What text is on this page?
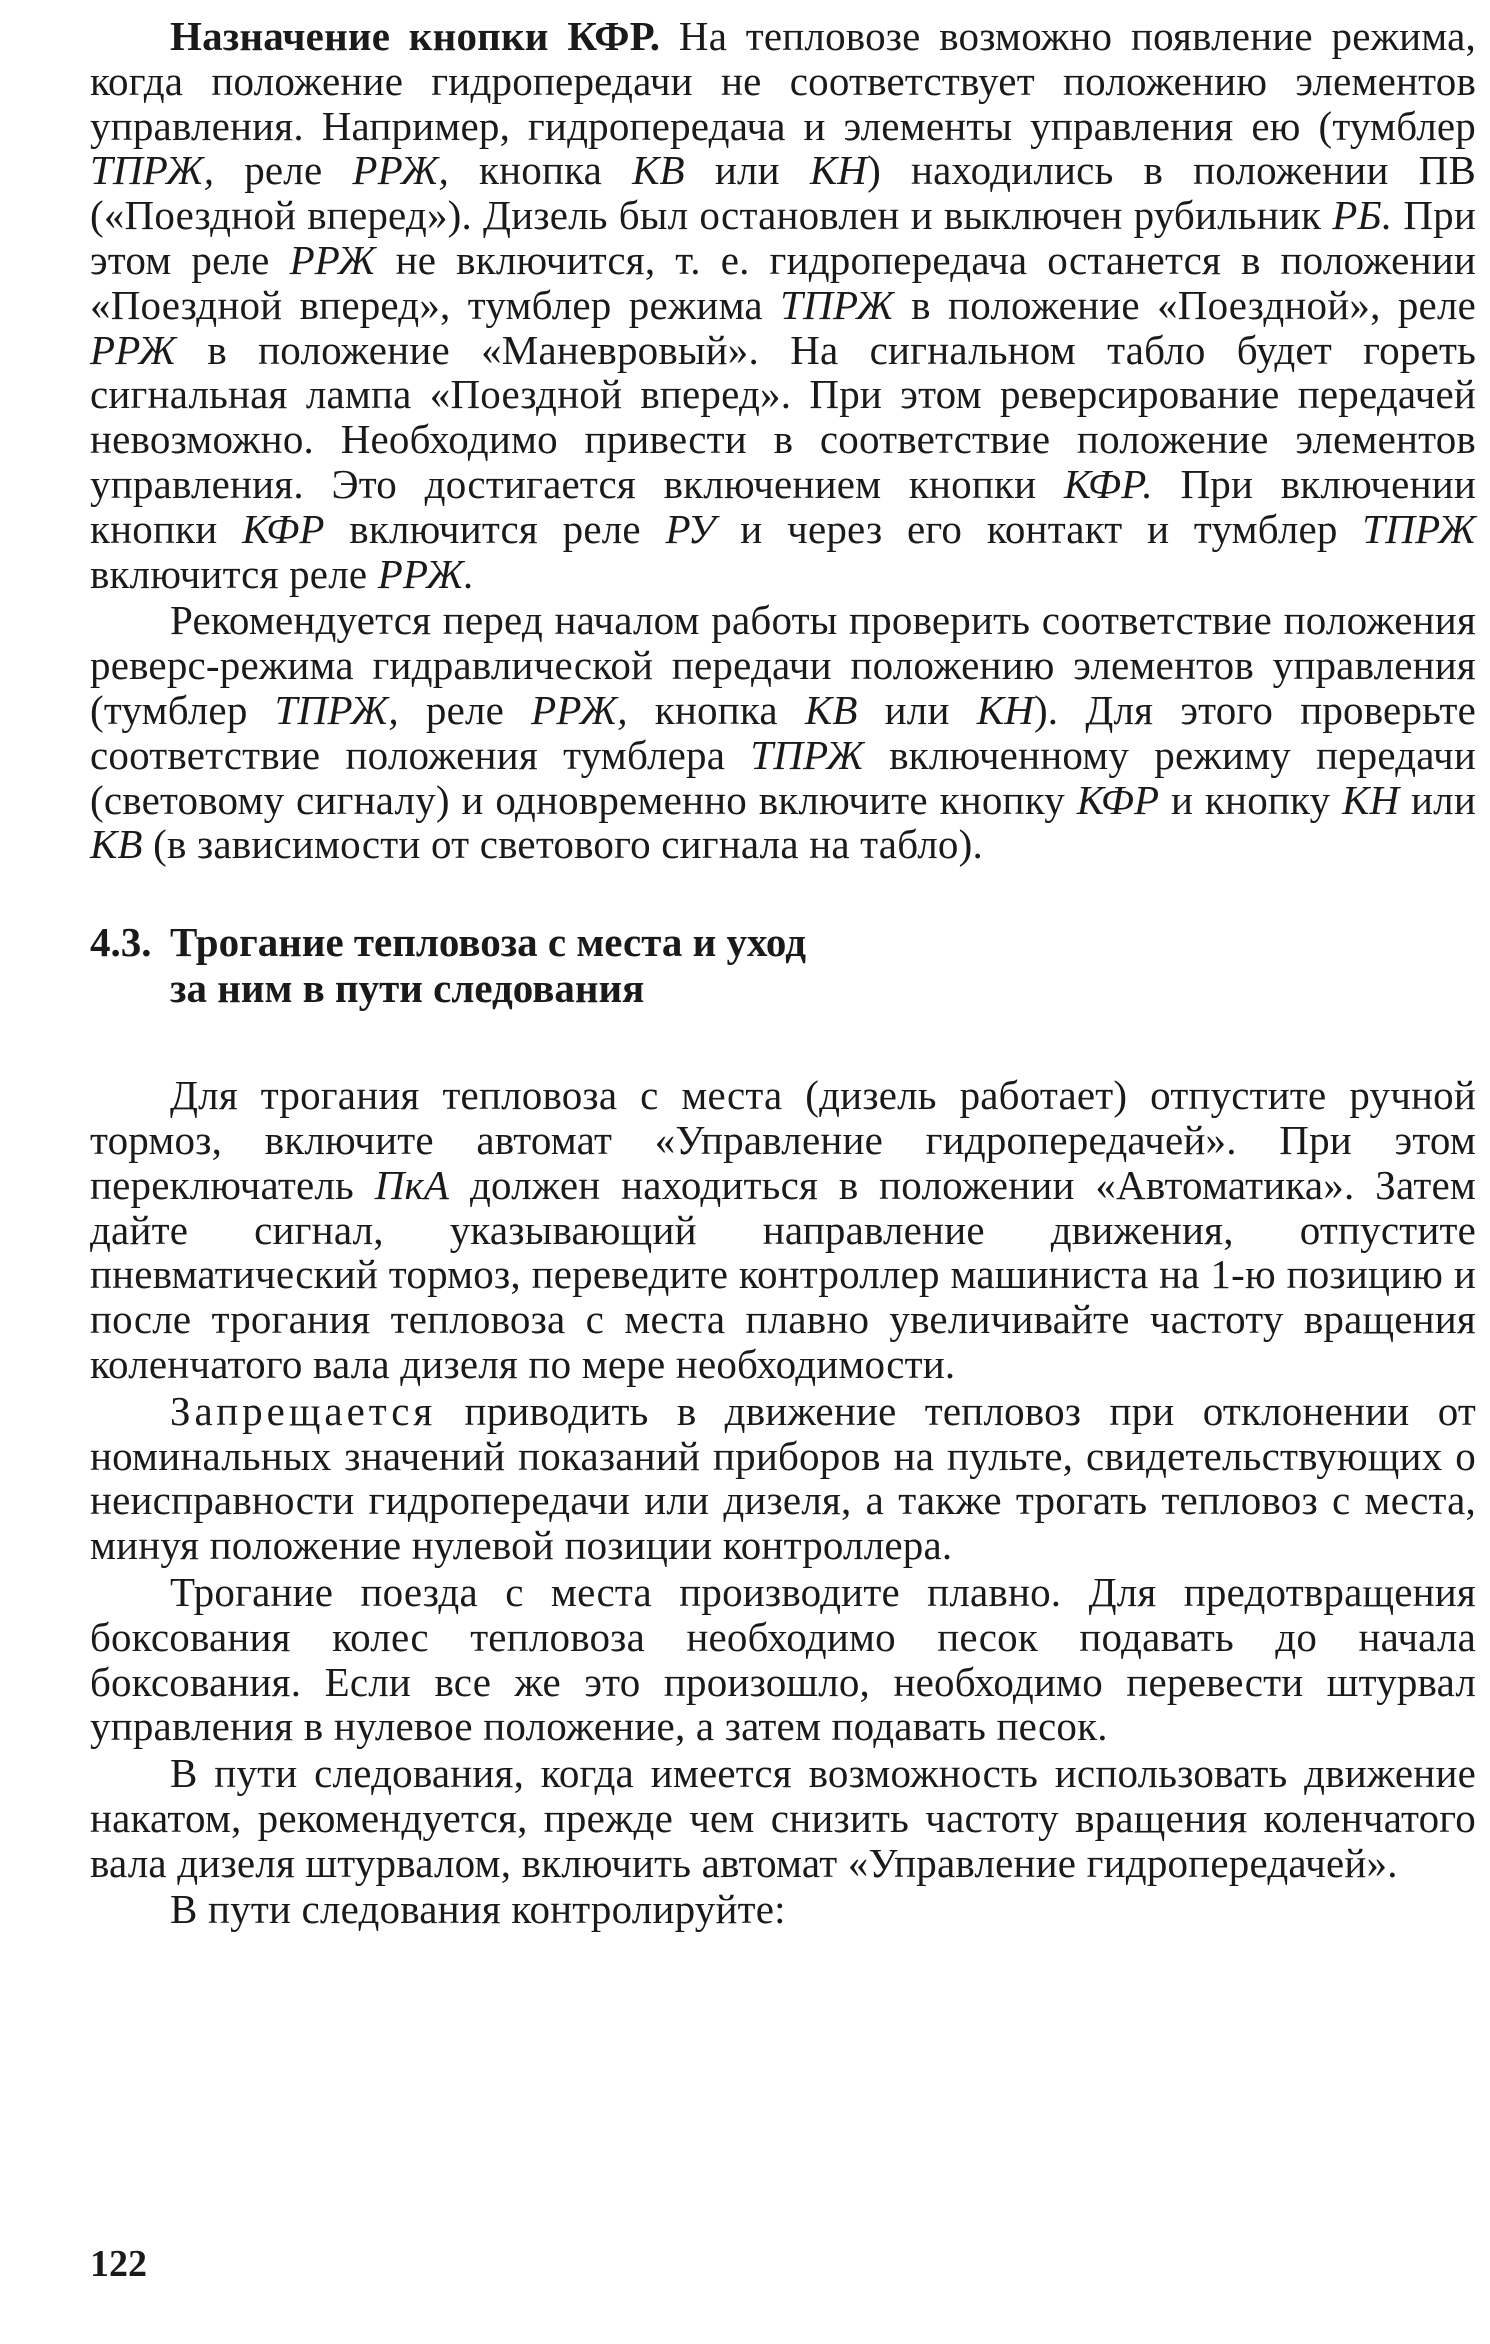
Назначение кнопки КФР. На тепловозе возможно появление режима, когда положение гидропередачи не соответствует положению элементов управления. Например, гидропередача и элементы управления ею (тумблер ТПРЖ, реле РРЖ, кнопка КВ или КН) находились в положении ПВ («Поездной вперед»). Дизель был остановлен и выключен рубильник РБ. При этом реле РРЖ не включится, т. е. гидропередача останется в положении «Поездной вперед», тумблер режима ТПРЖ в положение «Поездной», реле РРЖ в положение «Маневровый». На сигнальном табло будет гореть сигнальная лампа «Поездной вперед». При этом реверсирование передачей невозможно. Необходимо привести в соответствие положение элементов управления. Это достигается включением кнопки КФР. При включении кнопки КФР включится реле РУ и через его контакт и тумблер ТПРЖ включится реле РРЖ.

Рекомендуется перед началом работы проверить соответствие положения реверс-режима гидравлической передачи положению элементов управления (тумблер ТПРЖ, реле РРЖ, кнопка КВ или КН). Для этого проверьте соответствие положения тумблера ТПРЖ включенному режиму передачи (световому сигналу) и одновременно включите кнопку КФР и кнопку КН или КВ (в зависимости от светового сигнала на табло).

4.3. Трогание тепловоза с места и уход
за ним в пути следования

Для трогания тепловоза с места (дизель работает) отпустите ручной тормоз, включите автомат «Управление гидропередачей». При этом переключатель ПкА должен находиться в положении «Автоматика». Затем дайте сигнал, указывающий направление движения, отпустите пневматический тормоз, переведите контроллер машиниста на 1-ю позицию и после трогания тепловоза с места плавно увеличивайте частоту вращения коленчатого вала дизеля по мере необходимости.

Запрещается приводить в движение тепловоз при отклонении от номинальных значений показаний приборов на пульте, свидетельствующих о неисправности гидропередачи или дизеля, а также трогать тепловоз с места, минуя положение нулевой позиции контроллера.

Трогание поезда с места производите плавно. Для предотвращения боксования колес тепловоза необходимо песок подавать до начала боксования. Если все же это произошло, необходимо перевести штурвал управления в нулевое положение, а затем подавать песок.

В пути следования, когда имеется возможность использовать движение накатом, рекомендуется, прежде чем снизить частоту вращения коленчатого вала дизеля штурвалом, включить автомат «Управление гидропередачей».

В пути следования контролируйте:

122
